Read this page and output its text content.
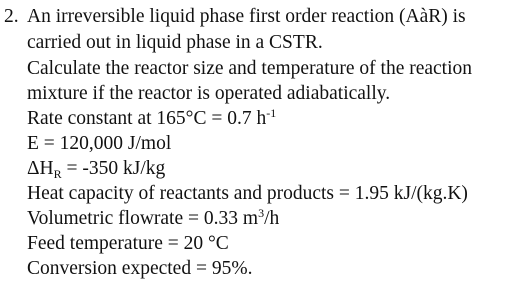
2. An irreversible liquid phase first order reaction (AàR) is
carried out in liquid phase in a CSTR.
Calculate the reactor size and temperature of the reaction
mixture if the reactor is operated adiabatically.
Rate constant at 165°C = 0.7 $h^{-1}$
E = 120,000 J/mol
$\Delta H_R = -350$ kJ/kg
Heat capacity of reactants and products = 1.95 kJ/(kg.K)
Volumetric flowrate = 0.33 $m^3/h$
Feed temperature = 20 °C
Conversion expected = 95%.
